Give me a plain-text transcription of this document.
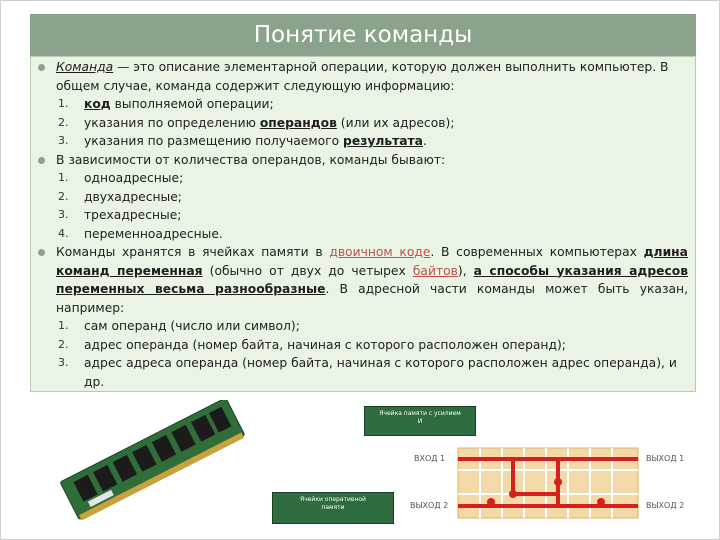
Понятие команды
Команда — это описание элементарной операции, которую должен выполнить компьютер. В общем случае, команда содержит следующую информацию:
1. код выполняемой операции;
2. указания по определению операндов (или их адресов);
3. указания по размещению получаемого результата.
В зависимости от количества операндов, команды бывают:
1. одноадресные;
2. двухадресные;
3. трехадресные;
4. переменноадресные.
Команды хранятся в ячейках памяти в двоичном коде. В современных компьютерах длина команд переменная (обычно от двух до четырех байтов), а способы указания адресов переменных весьма разнообразные. В адресной части команды может быть указан, например:
1. сам операнд (число или символ);
2. адрес операнда (номер байта, начиная с которого расположен операнд);
3. адрес адреса операнда (номер байта, начиная с которого расположен адрес операнда), и др.
Ячейка памяти с усилием
И
Ячейки оперативной
памяти
ВХОД 1
ВЫХОД 2
ВЫХОД 1
ВЫХОД 2
